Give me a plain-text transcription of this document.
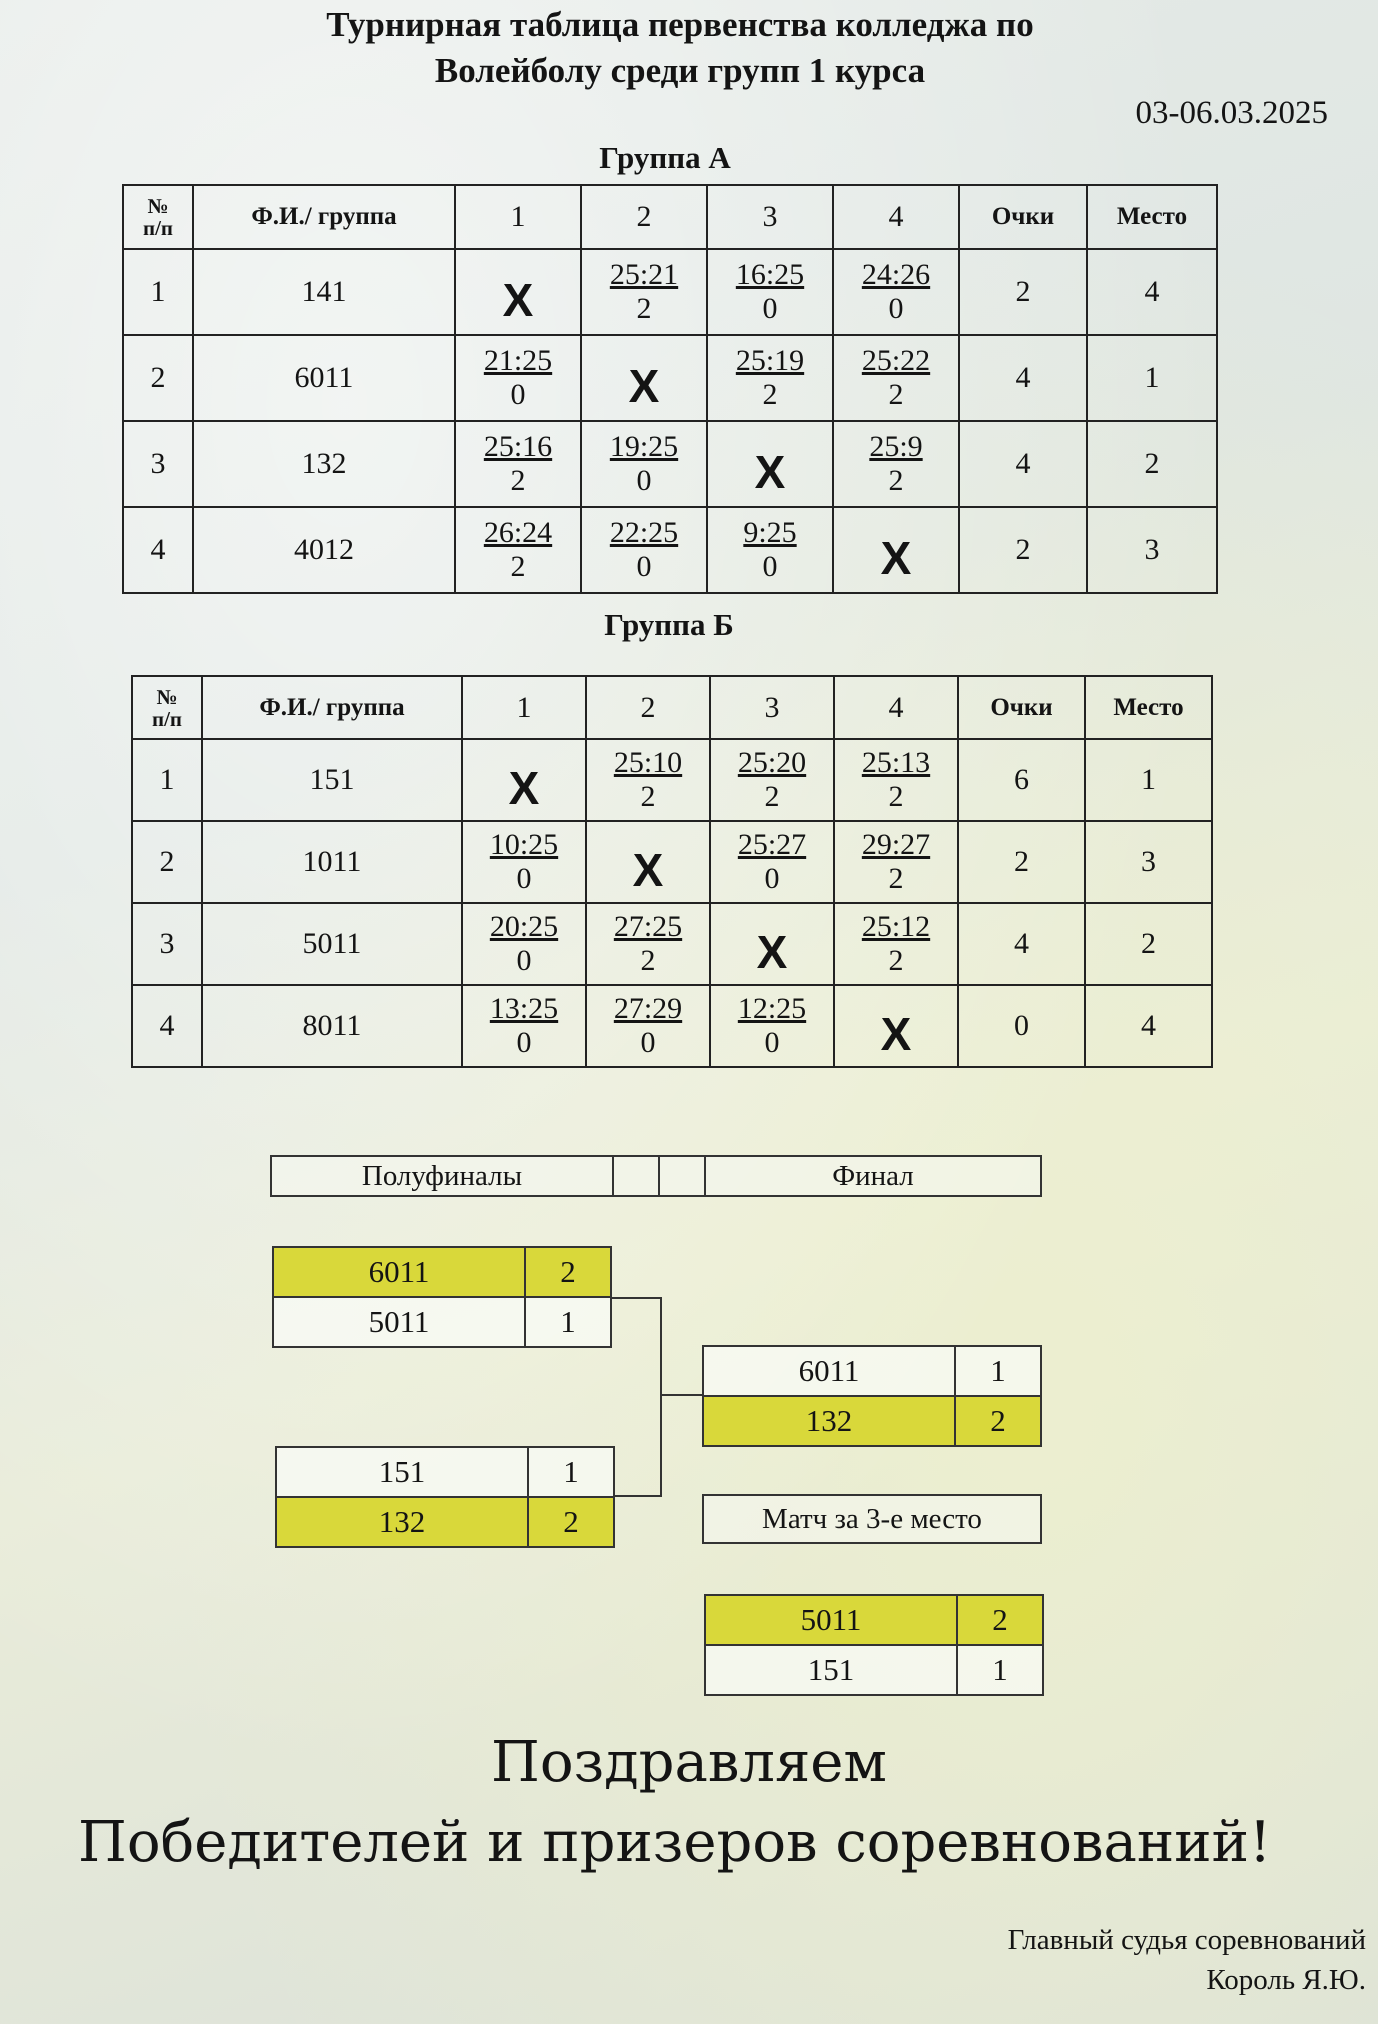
Турнирная таблица первенства колледжа по
Волейболу среди групп 1 курса
03-06.03.2025
Группа А
№
п/п	Ф.И./ группа	1	2	3	4	Очки	Место
1	141	X	$\frac{25:21}{2}$	$\frac{16:25}{0}$	$\frac{24:26}{0}$	2	4
2	6011	$\frac{21:25}{0}$	X	$\frac{25:19}{2}$	$\frac{25:22}{2}$	4	1
3	132	$\frac{25:16}{2}$	$\frac{19:25}{0}$	X	$\frac{25:9}{2}$	4	2
4	4012	$\frac{26:24}{2}$	$\frac{22:25}{0}$	$\frac{9:25}{0}$	X	2	3
Группа Б
№
п/п	Ф.И./ группа	1	2	3	4	Очки	Место
1	151	X	$\frac{25:10}{2}$	$\frac{25:20}{2}$	$\frac{25:13}{2}$	6	1
2	1011	$\frac{10:25}{0}$	X	$\frac{25:27}{0}$	$\frac{29:27}{2}$	2	3
3	5011	$\frac{20:25}{0}$	$\frac{27:25}{2}$	X	$\frac{25:12}{2}$	4	2
4	8011	$\frac{13:25}{0}$	$\frac{27:29}{0}$	$\frac{12:25}{0}$	X	0	4
Полуфиналы	Финал
6011	2
5011	1
151	1
132	2
6011	1
132	2
Матч за 3-е место
5011	2
151	1
Поздравляем
Победителей и призеров соревнований!
Главный судья соревнований
Король Я.Ю.
